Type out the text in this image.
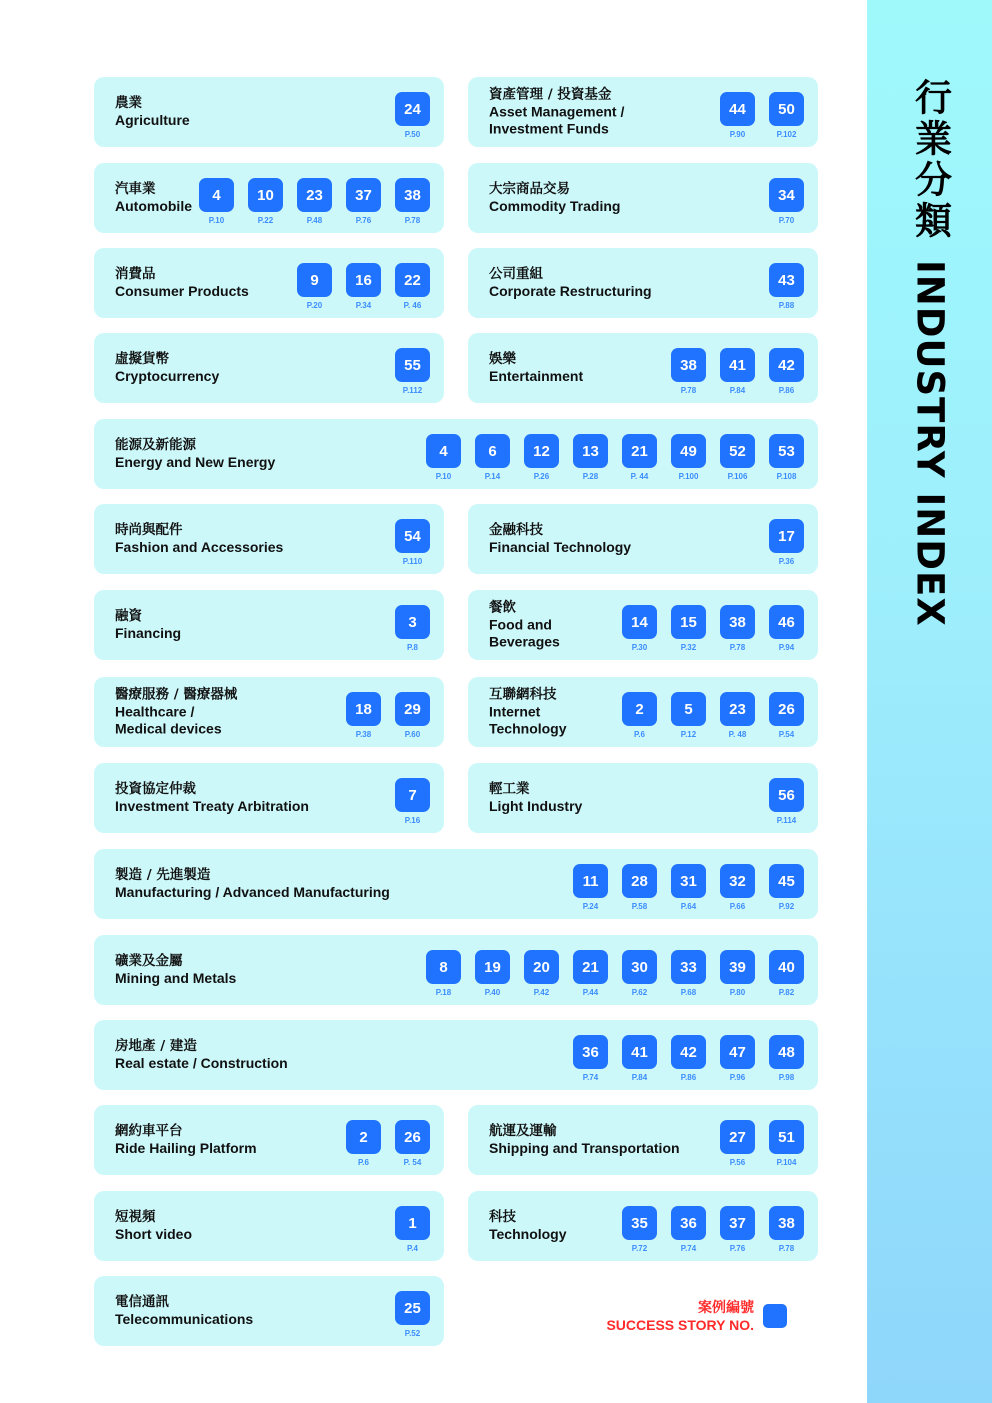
行業分類INDUSTRY INDEX
農業
Agriculture
24
P.50
資產管理 / 投資基金
Asset Management /
Investment Funds
44
P.90
50
P.102
汽車業
Automobile
4
P.10
10
P.22
23
P.48
37
P.76
38
P.78
大宗商品交易
Commodity Trading
34
P.70
消費品
Consumer Products
9
P.20
16
P.34
22
P. 46
公司重組
Corporate Restructuring
43
P.88
虛擬貨幣
Cryptocurrency
55
P.112
娛樂
Entertainment
38
P.78
41
P.84
42
P.86
能源及新能源
Energy and New Energy
4
P.10
6
P.14
12
P.26
13
P.28
21
P. 44
49
P.100
52
P.106
53
P.108
時尚與配件
Fashion and Accessories
54
P.110
金融科技
Financial Technology
17
P.36
融資
Financing
3
P.8
餐飲
Food and
Beverages
14
P.30
15
P.32
38
P.78
46
P.94
醫療服務 / 醫療器械
Healthcare /
Medical devices
18
P.38
29
P.60
互聯網科技
Internet
Technology
2
P.6
5
P.12
23
P. 48
26
P.54
投資協定仲裁
Investment Treaty Arbitration
7
P.16
輕工業
Light Industry
56
P.114
製造 / 先進製造
Manufacturing / Advanced Manufacturing
11
P.24
28
P.58
31
P.64
32
P.66
45
P.92
礦業及金屬
Mining and Metals
8
P.18
19
P.40
20
P.42
21
P.44
30
P.62
33
P.68
39
P.80
40
P.82
房地產 / 建造
Real estate / Construction
36
P.74
41
P.84
42
P.86
47
P.96
48
P.98
網約車平台
Ride Hailing Platform
2
P.6
26
P. 54
航運及運輸
Shipping and Transportation
27
P.56
51
P.104
短視頻
Short video
1
P.4
科技
Technology
35
P.72
36
P.74
37
P.76
38
P.78
電信通訊
Telecommunications
25
P.52
案例編號
SUCCESS STORY NO.
